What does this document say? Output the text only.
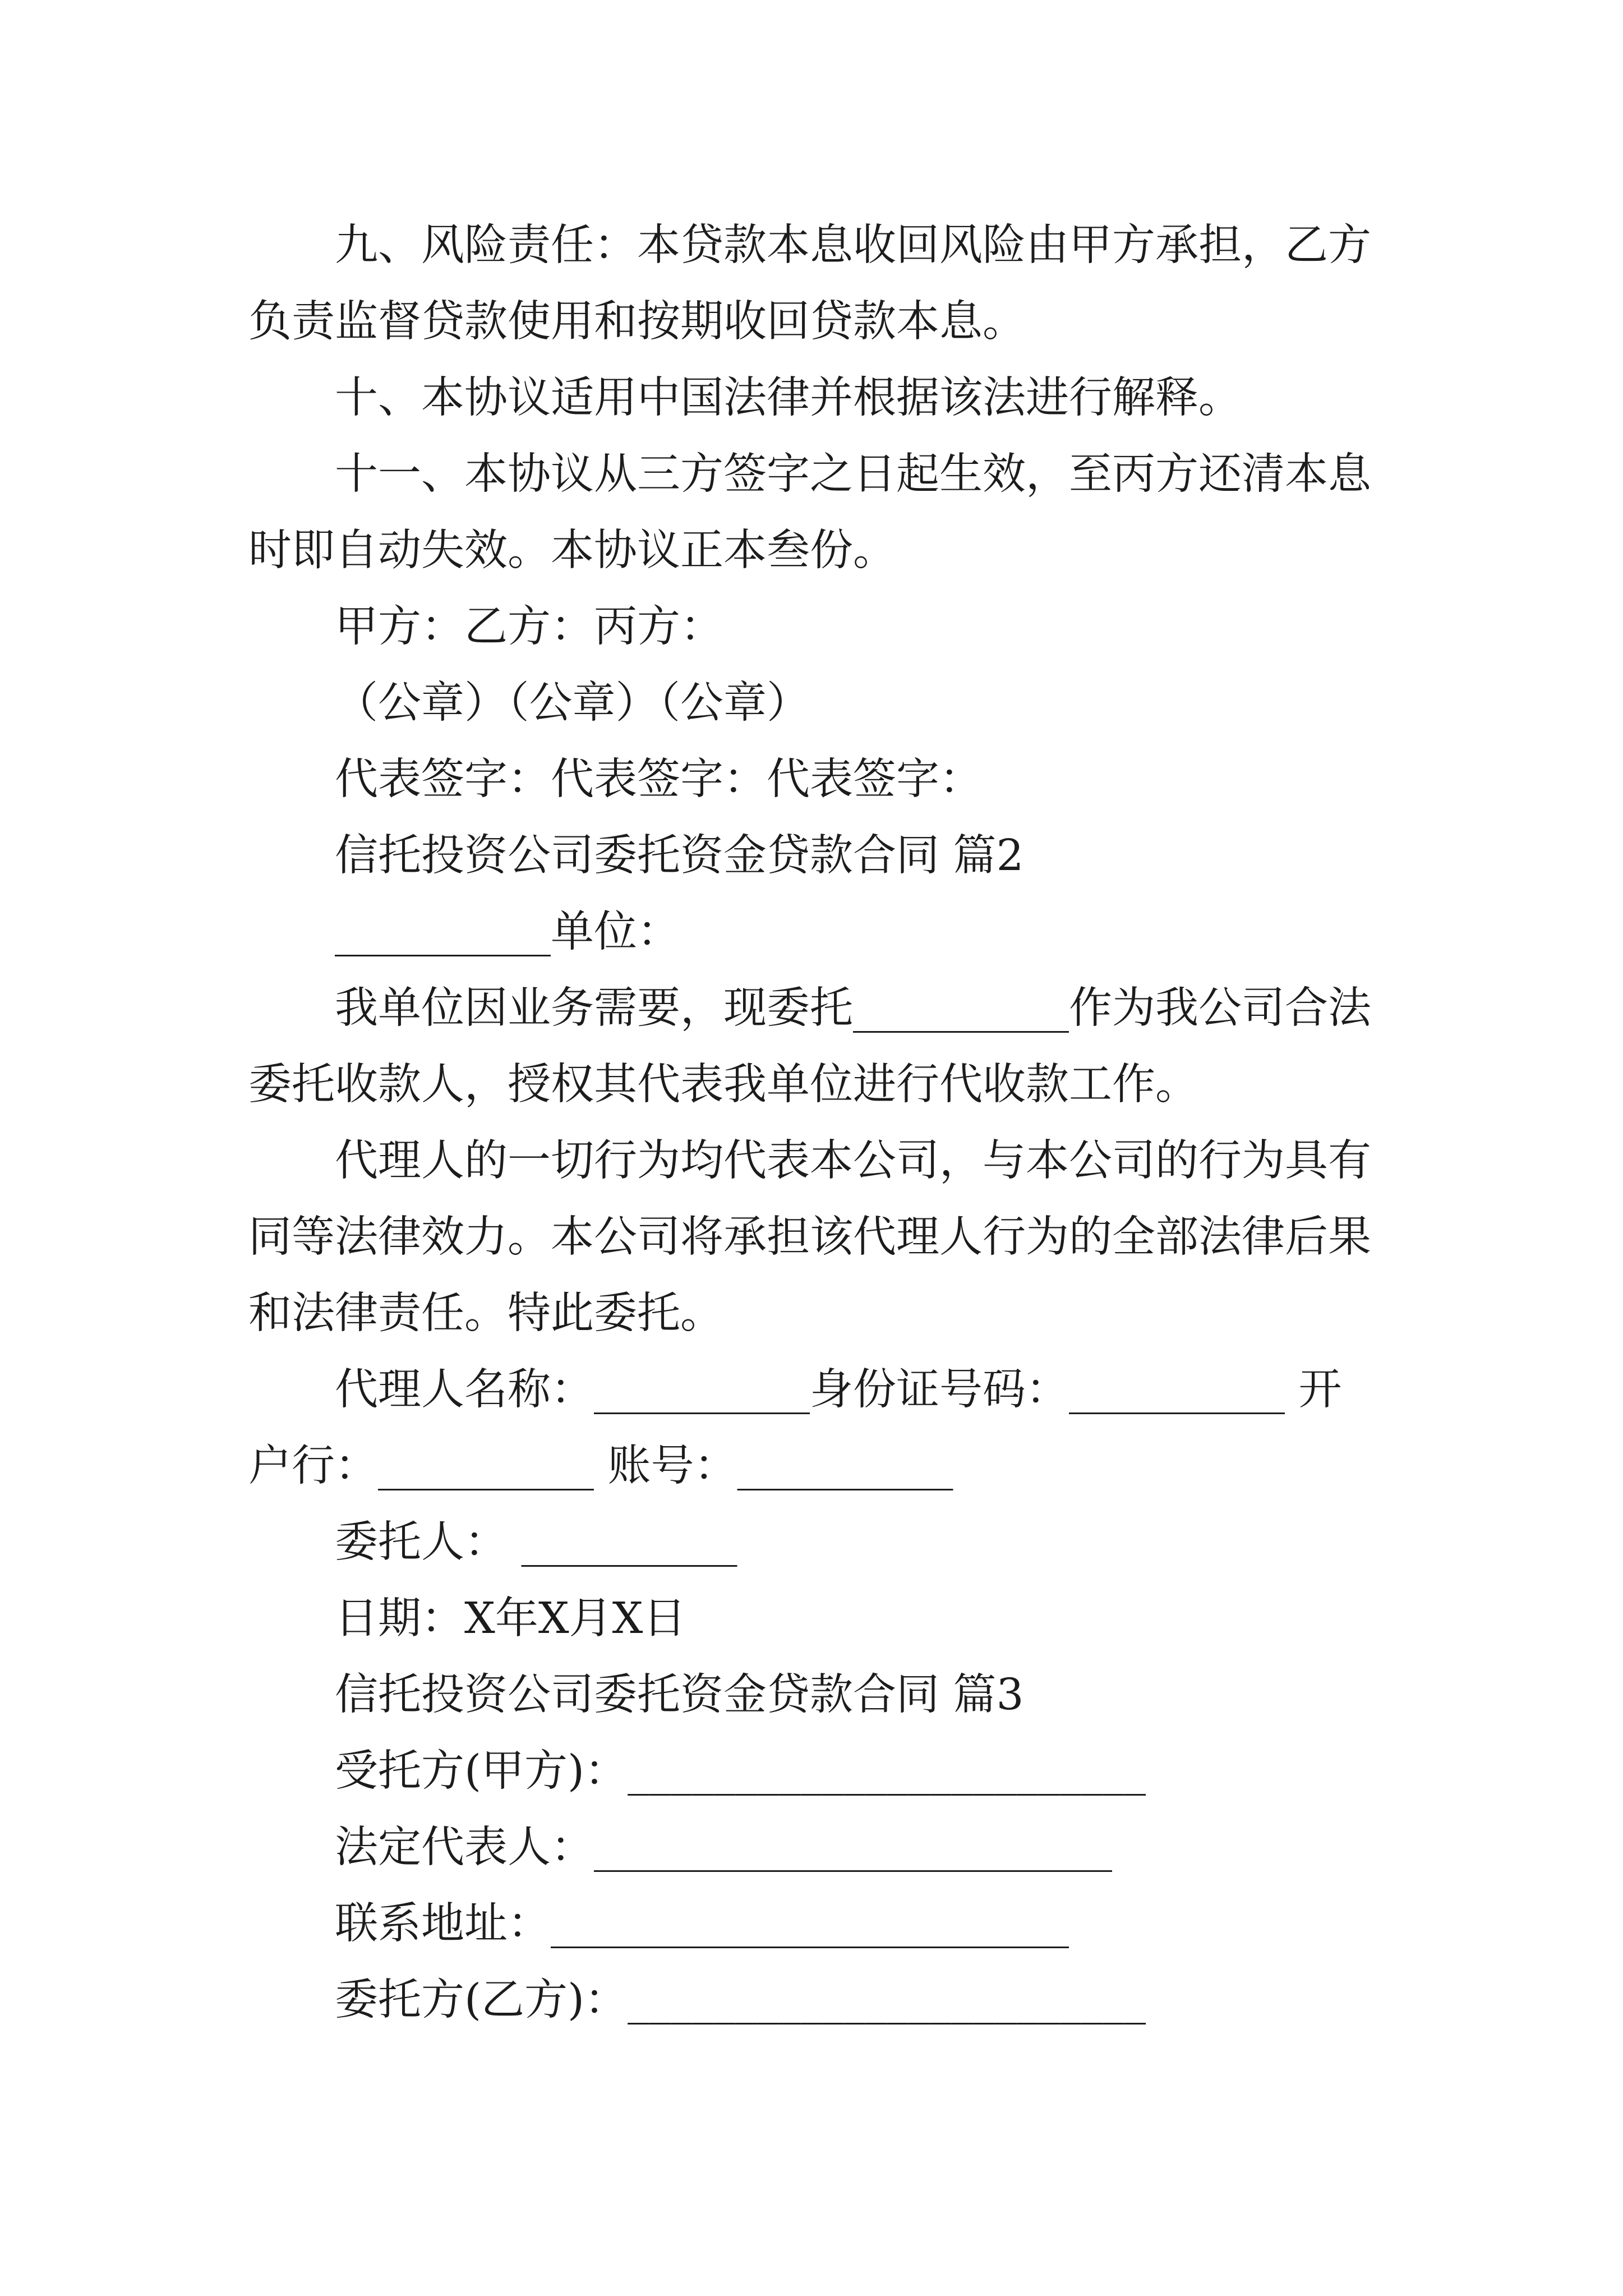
九、风险责任：本贷款本息收回风险由甲方承担，乙方
负责监督贷款使用和按期收回贷款本息。
十、本协议适用中国法律并根据该法进行解释。
十一、本协议从三方签字之日起生效，至丙方还清本息
时即自动失效。本协议正本叁份。
甲方：乙方：丙方：
（公章）（公章）（公章）
代表签字：代表签字：代表签字：
信托投资公司委托资金贷款合同 篇2
__________单位：
我单位因业务需要，现委托__________作为我公司合法
委托收款人，授权其代表我单位进行代收款工作。
代理人的一切行为均代表本公司，与本公司的行为具有
同等法律效力。本公司将承担该代理人行为的全部法律后果
和法律责任。特此委托。
代理人名称：__________身份证号码：__________ 开
户行：__________ 账号：__________
委托人： __________
日期：X年X月X日
信托投资公司委托资金贷款合同 篇3
受托方(甲方)：________________________
法定代表人：________________________
联系地址：________________________
委托方(乙方)：________________________
